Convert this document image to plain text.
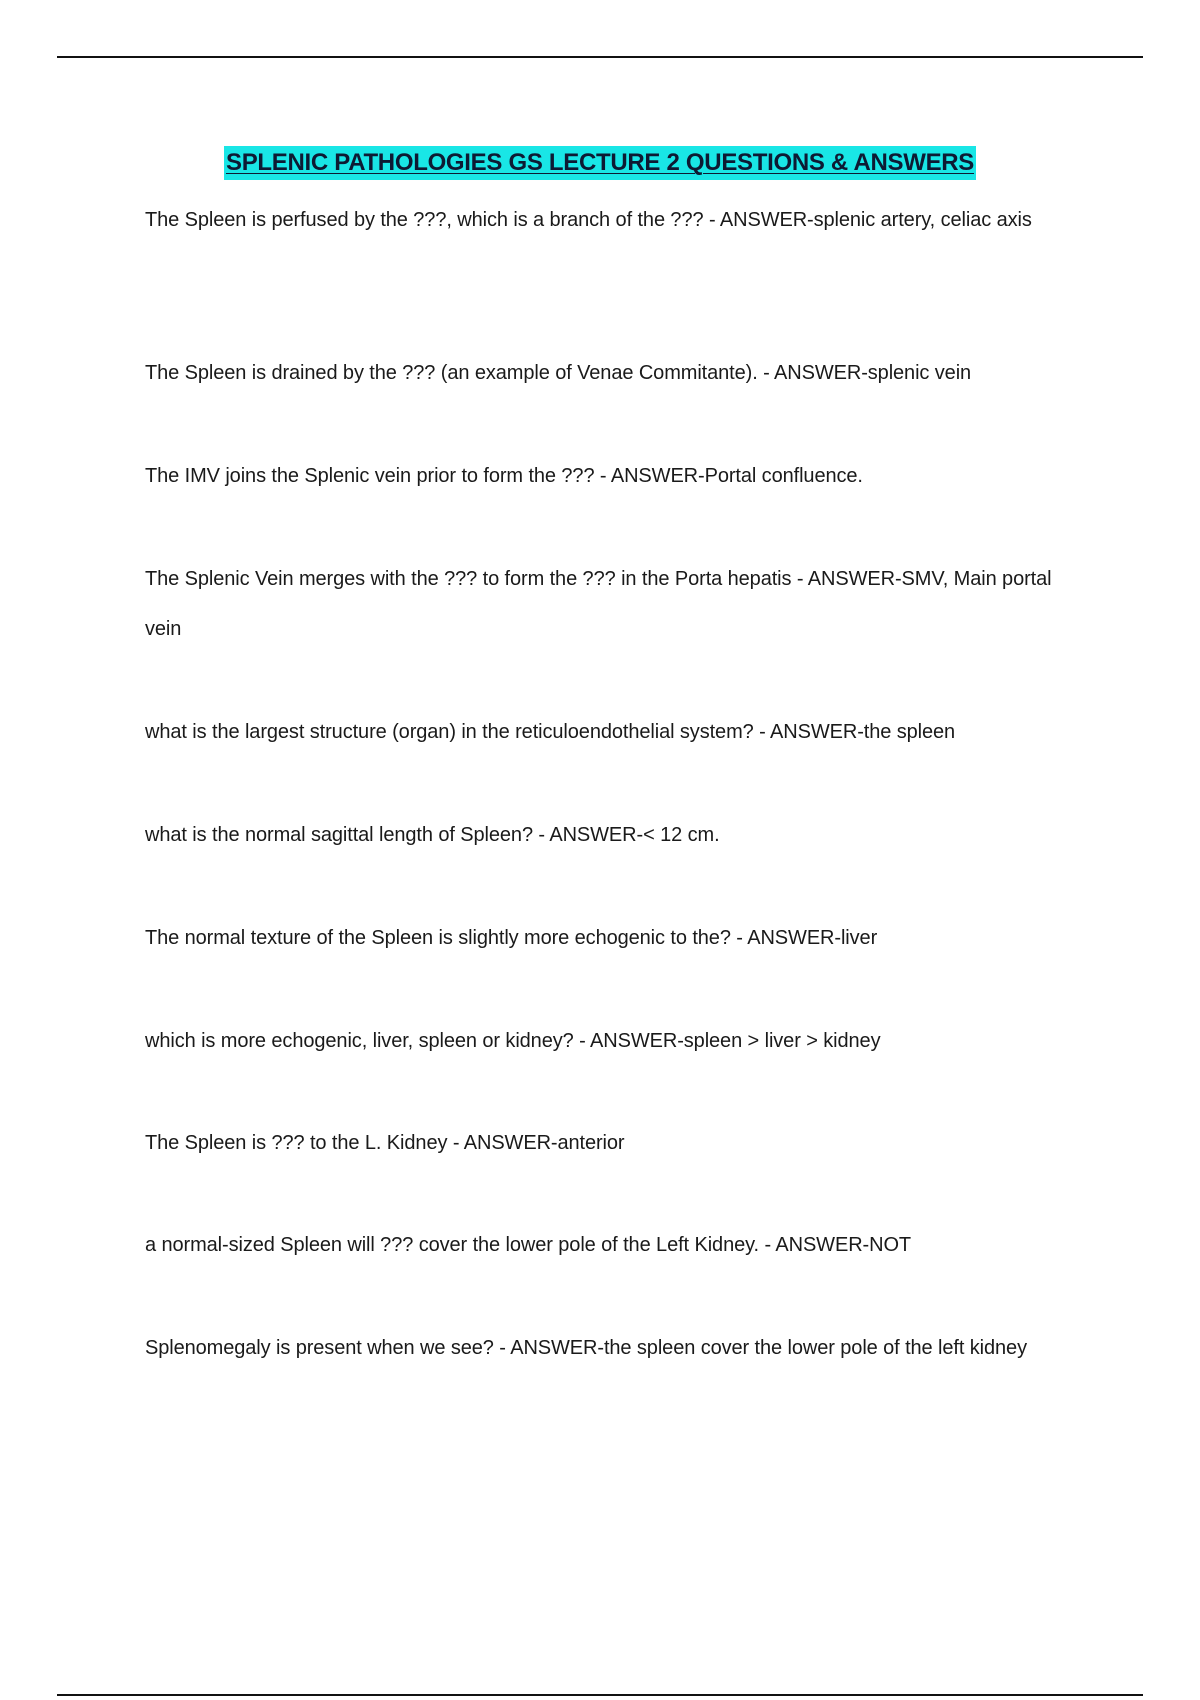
SPLENIC PATHOLOGIES GS LECTURE 2 QUESTIONS & ANSWERS

The Spleen is perfused by the ???, which is a branch of the ??? - ANSWER-splenic artery, celiac axis

The Spleen is drained by the ??? (an example of Venae Commitante). - ANSWER-splenic vein

The IMV joins the Splenic vein prior to form the ??? - ANSWER-Portal confluence.

The Splenic Vein merges with the ??? to form the ??? in the Porta hepatis - ANSWER-SMV, Main portal vein

what is the largest structure (organ) in the reticuloendothelial system? - ANSWER-the spleen

what is the normal sagittal length of Spleen? - ANSWER-< 12 cm.

The normal texture of the Spleen is slightly more echogenic to the? - ANSWER-liver

which is more echogenic, liver, spleen or kidney? - ANSWER-spleen > liver > kidney

The Spleen is ??? to the L. Kidney - ANSWER-anterior

a normal-sized Spleen will ??? cover the lower pole of the Left Kidney. - ANSWER-NOT

Splenomegaly is present when we see? - ANSWER-the spleen cover the lower pole of the left kidney
